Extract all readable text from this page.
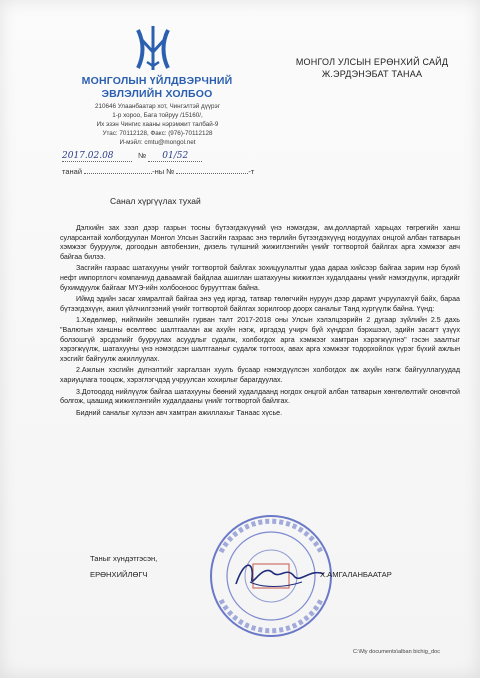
МОНГОЛЫН ҮЙЛДВЭРЧНИЙ
ЭВЛЭЛИЙН ХОЛБОО
210646 Улаанбаатар хот, Чингэлтэй дүүрэг
1-р хороо, Бага тойруу /15160/,
Их эзэн Чингис хааны нэрэмжит талбай-9
Утас: 70112128, Факс: (976)-70112128
И-мэйл: cmtu@mongol.net
2017.02.08	№ 01/52
танай	-ны №	-т
МОНГОЛ УЛСЫН ЕРӨНХИЙ САЙД
Ж.ЭРДЭНЭБАТ ТАНАА
Санал хүргүүлах тухай

Дэлхийн зах зээл дээр газрын тосны бүтээгдэхүүний үнэ нэмэгдэж, ам.доллартай харьцах төгрөгийн ханш суларсантай холбогдуулан Монгол Улсын Засгийн газраас энэ төрлийн бүтээгдэхүүнд ногдуулах онцгой албан татварын хэмжээг бууруулж, догоодын автобензин, дизель түлшний жижиглэнгийн үнийг тогтвортой байлгах арга хэмжээг авч байгаа билээ.

Засгийн газраас шатахууны үнийг тогтвортой байлгах зохицуулалтыг удаа дараа хийсээр байгаа зарим нэр бүхий нефт импортлогч компаниуд даваамгай байдлаа ашиглан шатахууны жижиглэн худалдааны үнийг нэмэгдүүлж, иргэдийг бухимдуулж байгааг МҮЭ-ийн холбооноос бурууттгаж байна.

Иймд эдийн засаг хямралтай байгаа энэ үед иргэд, татвар төлөгчийн нуруун дээр дарамт учруулахгүй байх, бараа бүтээгдэхүүн, ажил үйлчилгээний үнийг тогтвортой байлгах зорилгоор доорх саналыг Танд хүргүүлж байна. Үүнд:

1.Хөдөлмөр, нийгмийн зөвшлийн гурван талт 2017-2018 оны Улсын хэлэлцээрийн 2 дугаар зүйлийн 2.5 дахь "Валютын ханшны өсөлтөөс шалтгаалан аж ахуйн нэгж, иргэдэд учирч буй хүндрэл бэрхшээл, эдийн засагт үзүүх болзошгүй эрсдэлийг бууруулах асуудлыг судалж, холбогдох арга хэмжээг хамтран хэрэгжүүлнэ" гэсэн заалтыг хэрэгжүүлж, шатахууны үнэ нэмэгдсэн шалтгааныг судалж тогтоох, авах арга хэмжээг тодорхойлох үүрэг бүхий ажлын хэсгийг байгуулж ажиллуулах.

2.Ажлын хэсгийн дүгнэлтийг харгалзан хуулъ бусаар нэмэгдүүлсэн холбогдох аж ахуйн нэгж байгууллагуудад хариуцлага тооцож, хэрэглэгчдэд учруулсан хохирлыг барагдуулах.

3.Дотоодод нийлүүлж байгаа шатахууны бөөний худалдаанд ногдох онцгой албан татварын хөнгөлөлтийг оновчтой болгож, цаашид жижиглэнгийн худалдааны үнийг тогтвортой байлгах.

Бидний саналыг хүлээн авч хамтран ажиллахыг Танаас хүсье.

Таныг хүндэтгэсэн,
ЕРӨНХИЙЛӨГЧ	Х.АМГАЛАНБААТАР
C:\My documents\alban bichig_doc
